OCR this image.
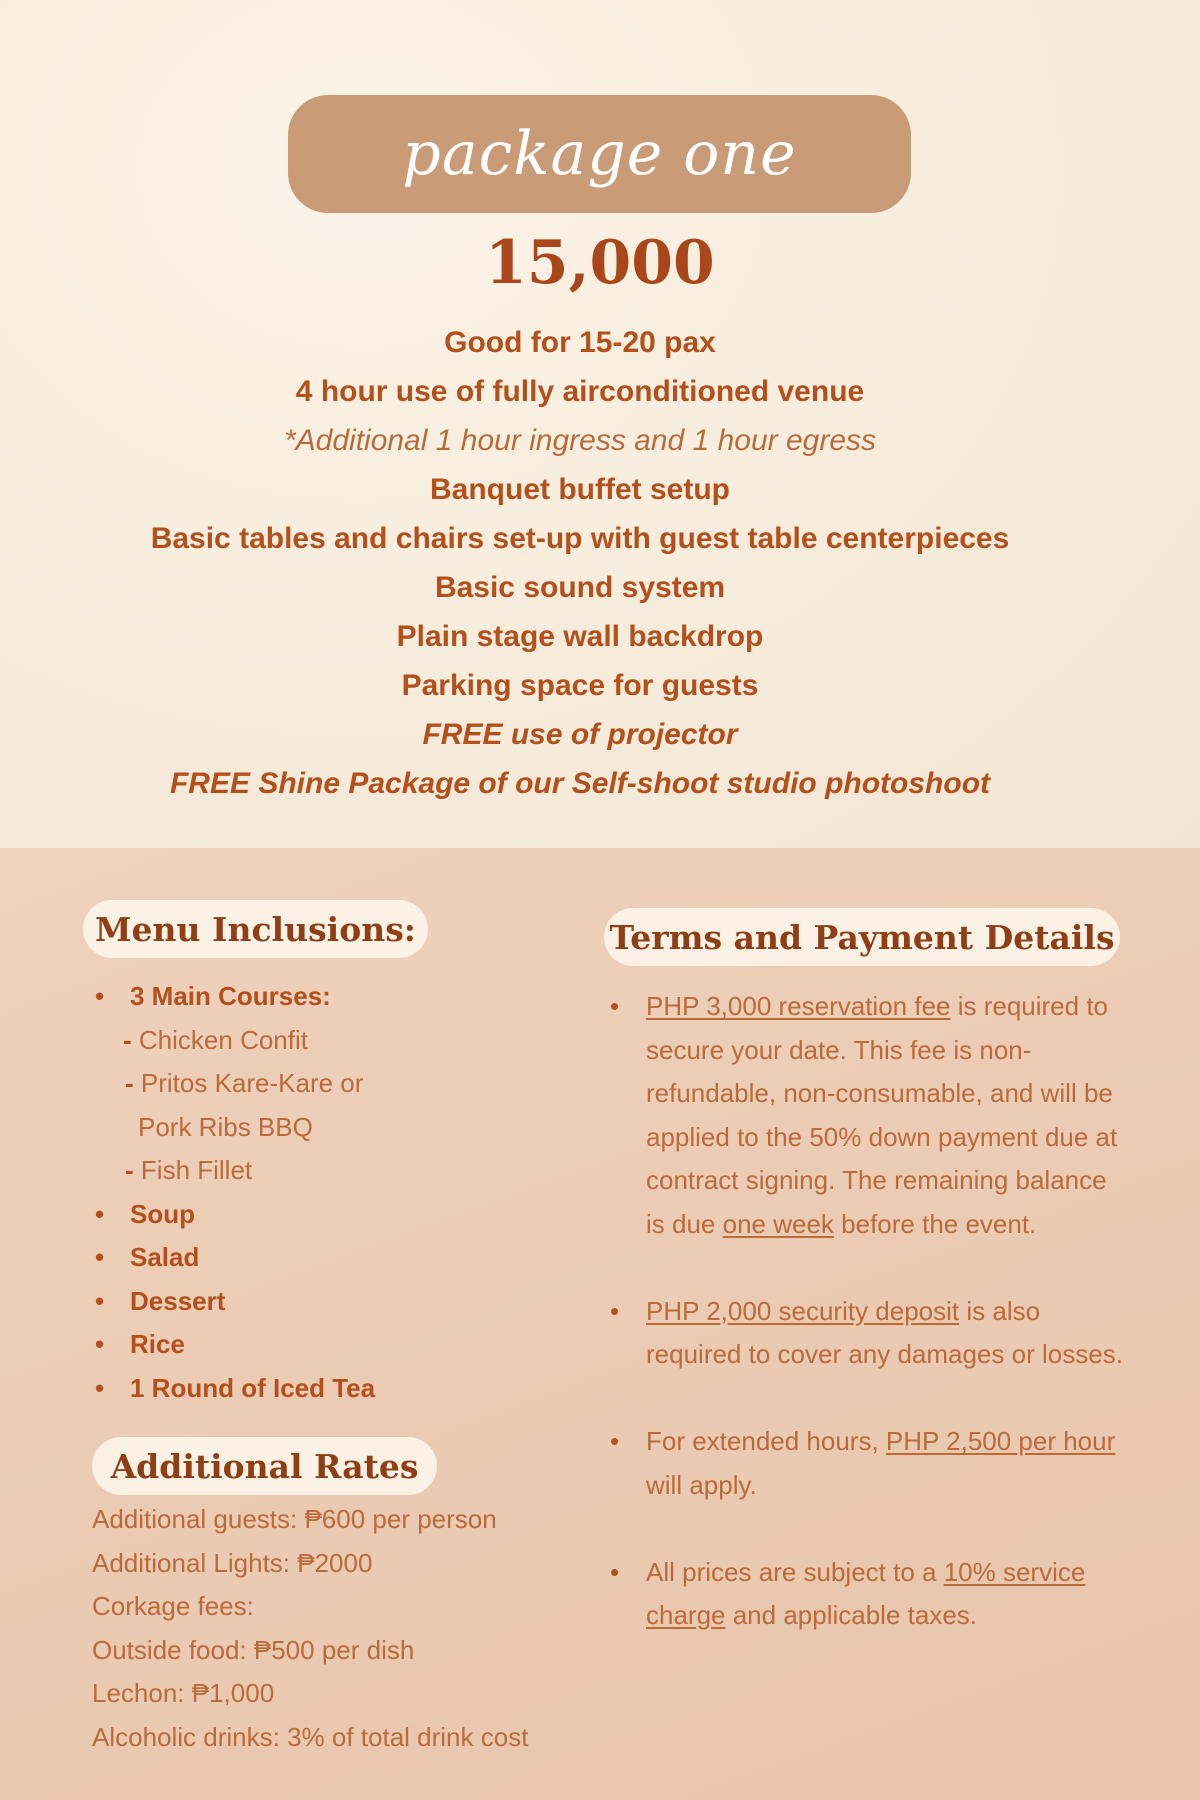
package one
15,000
Good for 15-20 pax
4 hour use of fully airconditioned venue
*Additional 1 hour ingress and 1 hour egress
Banquet buffet setup
Basic tables and chairs set-up with guest table centerpieces
Basic sound system
Plain stage wall backdrop
Parking space for guests
FREE use of projector
FREE Shine Package of our Self-shoot studio photoshoot
Menu Inclusions:
• 3 Main Courses:
- Chicken Confit
- Pritos Kare-Kare or
Pork Ribs BBQ
- Fish Fillet
• Soup
• Salad
• Dessert
• Rice
• 1 Round of Iced Tea
Additional Rates
Additional guests: ₱600 per person
Additional Lights: ₱2000
Corkage fees:
Outside food: ₱500 per dish
Lechon: ₱1,000
Alcoholic drinks: 3% of total drink cost
Terms and Payment Details
• PHP 3,000 reservation fee is required to secure your date. This fee is non-refundable, non-consumable, and will be applied to the 50% down payment due at contract signing. The remaining balance is due one week before the event.
• PHP 2,000 security deposit is also required to cover any damages or losses.
• For extended hours, PHP 2,500 per hour will apply.
• All prices are subject to a 10% service charge and applicable taxes.
